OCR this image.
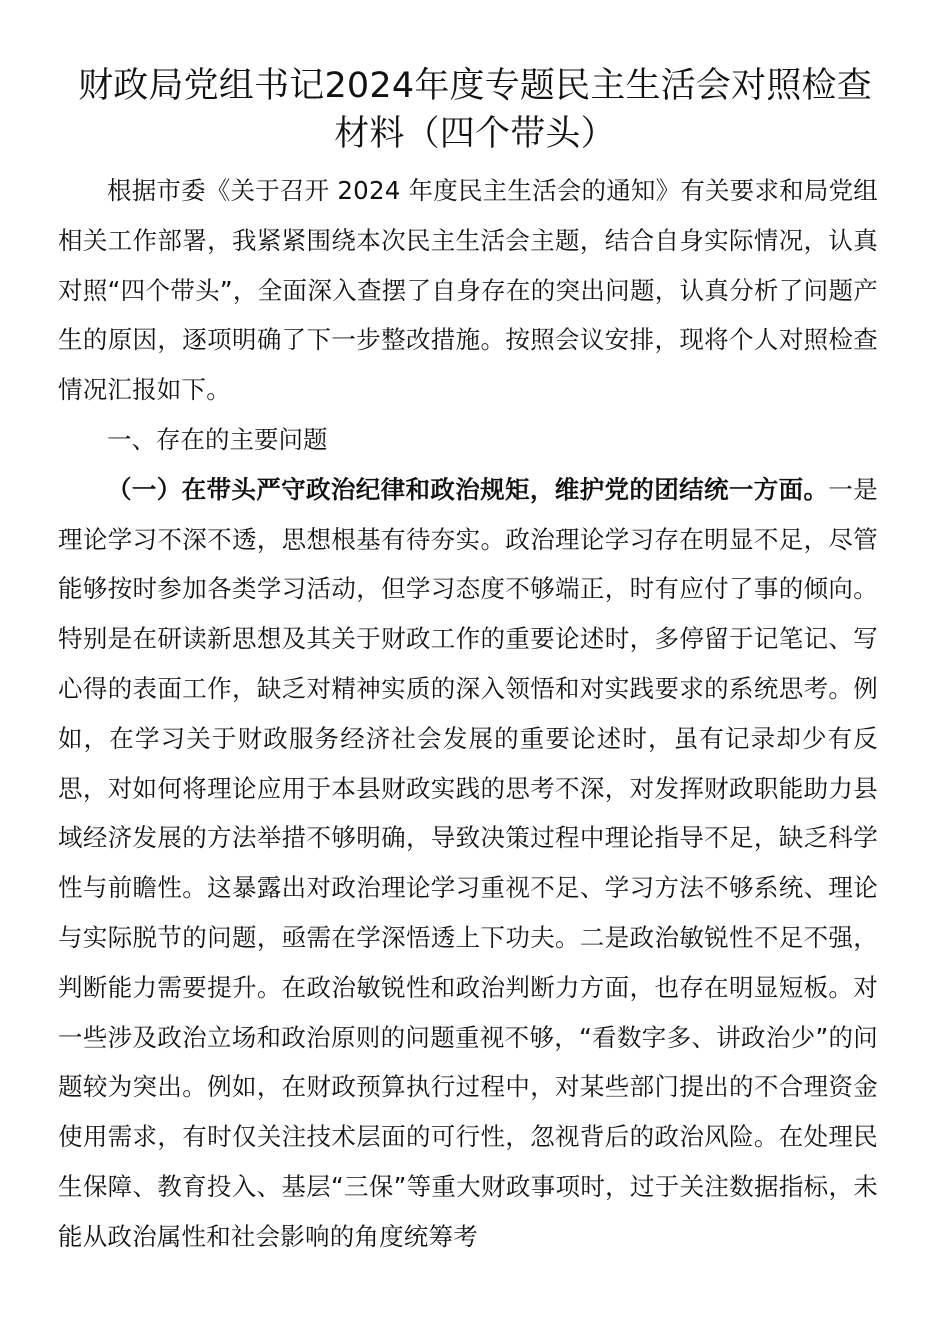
财政局党组书记2024年度专题民主生活会对照检查材料（四个带头）

根据市委《关于召开 2024 年度民主生活会的通知》有关要求和局党组相关工作部署，我紧紧围绕本次民主生活会主题，结合自身实际情况，认真对照“四个带头”，全面深入查摆了自身存在的突出问题，认真分析了问题产生的原因，逐项明确了下一步整改措施。按照会议安排，现将个人对照检查情况汇报如下。

一、存在的主要问题

（一）在带头严守政治纪律和政治规矩，维护党的团结统一方面。一是理论学习不深不透，思想根基有待夯实。政治理论学习存在明显不足，尽管能够按时参加各类学习活动，但学习态度不够端正，时有应付了事的倾向。特别是在研读新思想及其关于财政工作的重要论述时，多停留于记笔记、写心得的表面工作，缺乏对精神实质的深入领悟和对实践要求的系统思考。例如，在学习关于财政服务经济社会发展的重要论述时，虽有记录却少有反思，对如何将理论应用于本县财政实践的思考不深，对发挥财政职能助力县域经济发展的方法举措不够明确，导致决策过程中理论指导不足，缺乏科学性与前瞻性。这暴露出对政治理论学习重视不足、学习方法不够系统、理论与实际脱节的问题，亟需在学深悟透上下功夫。二是政治敏锐性不足不强，判断能力需要提升。在政治敏锐性和政治判断力方面，也存在明显短板。对一些涉及政治立场和政治原则的问题重视不够，“看数字多、讲政治少”的问题较为突出。例如，在财政预算执行过程中，对某些部门提出的不合理资金使用需求，有时仅关注技术层面的可行性，忽视背后的政治风险。在处理民生保障、教育投入、基层“三保”等重大财政事项时，过于关注数据指标，未能从政治属性和社会影响的角度统筹考
